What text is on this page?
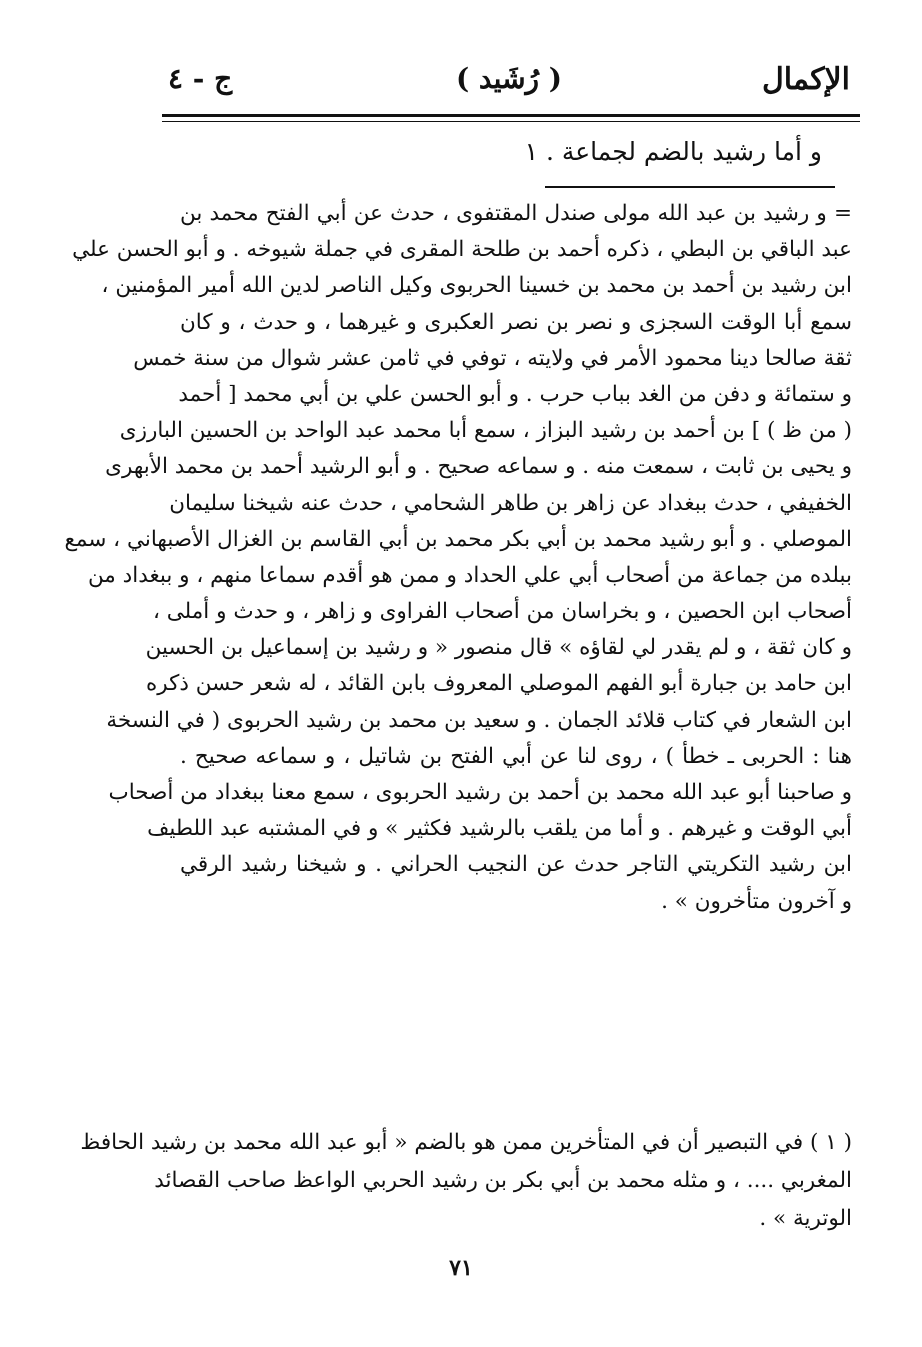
الإكمال
( رُشَيد )
ج - ٤
و أما رشيد بالضم لجماعة . ١
= و رشيد بن عبد الله مولى صندل المقتفوى ، حدث عن أبي الفتح محمد بن
عبد الباقي بن البطي ، ذكره أحمد بن طلحة المقرى في جملة شيوخه . و أبو الحسن علي
ابن رشيد بن أحمد بن محمد بن خسينا الحربوى وكيل الناصر لدين الله أمير المؤمنين ،
سمع أبا الوقت السجزى و نصر بن نصر العكبرى و غيرهما ، و حدث ، و كان
ثقة صالحا دينا محمود الأمر في ولايته ، توفي في ثامن عشر شوال من سنة خمس
و ستمائة و دفن من الغد بباب حرب . و أبو الحسن علي بن أبي محمد [ أحمد
( من ظ ) ] بن أحمد بن رشيد البزاز ، سمع أبا محمد عبد الواحد بن الحسين البارزى
و يحيى بن ثابت ، سمعت منه . و سماعه صحيح . و أبو الرشيد أحمد بن محمد الأبهرى
الخفيفي ، حدث ببغداد عن زاهر بن طاهر الشحامي ، حدث عنه شيخنا سليمان
الموصلي . و أبو رشيد محمد بن أبي بكر محمد بن أبي القاسم بن الغزال الأصبهاني ، سمع
ببلده من جماعة من أصحاب أبي علي الحداد و ممن هو أقدم سماعا منهم ، و ببغداد من
أصحاب ابن الحصين ، و بخراسان من أصحاب الفراوى و زاهر ، و حدث و أملى ،
و كان ثقة ، و لم يقدر لي لقاؤه » قال منصور « و رشيد بن إسماعيل بن الحسين
ابن حامد بن جبارة أبو الفهم الموصلي المعروف بابن القائد ، له شعر حسن ذكره
ابن الشعار في كتاب قلائد الجمان . و سعيد بن محمد بن رشيد الحربوى ( في النسخة
هنا : الحربى ـ خطأ ) ، روى لنا عن أبي الفتح بن شاتيل ، و سماعه صحيح .
و صاحبنا أبو عبد الله محمد بن أحمد بن رشيد الحربوى ، سمع معنا ببغداد من أصحاب
أبي الوقت و غيرهم . و أما من يلقب بالرشيد فكثير » و في المشتبه عبد اللطيف
ابن رشيد التكريتي التاجر حدث عن النجيب الحراني . و شيخنا رشيد الرقي
و آخرون متأخرون » .
( ١ ) في التبصير أن في المتأخرين ممن هو بالضم « أبو عبد الله محمد بن رشيد الحافظ
المغربي .... ، و مثله محمد بن أبي بكر بن رشيد الحربي الواعظ صاحب القصائد
الوترية » .
٧١
